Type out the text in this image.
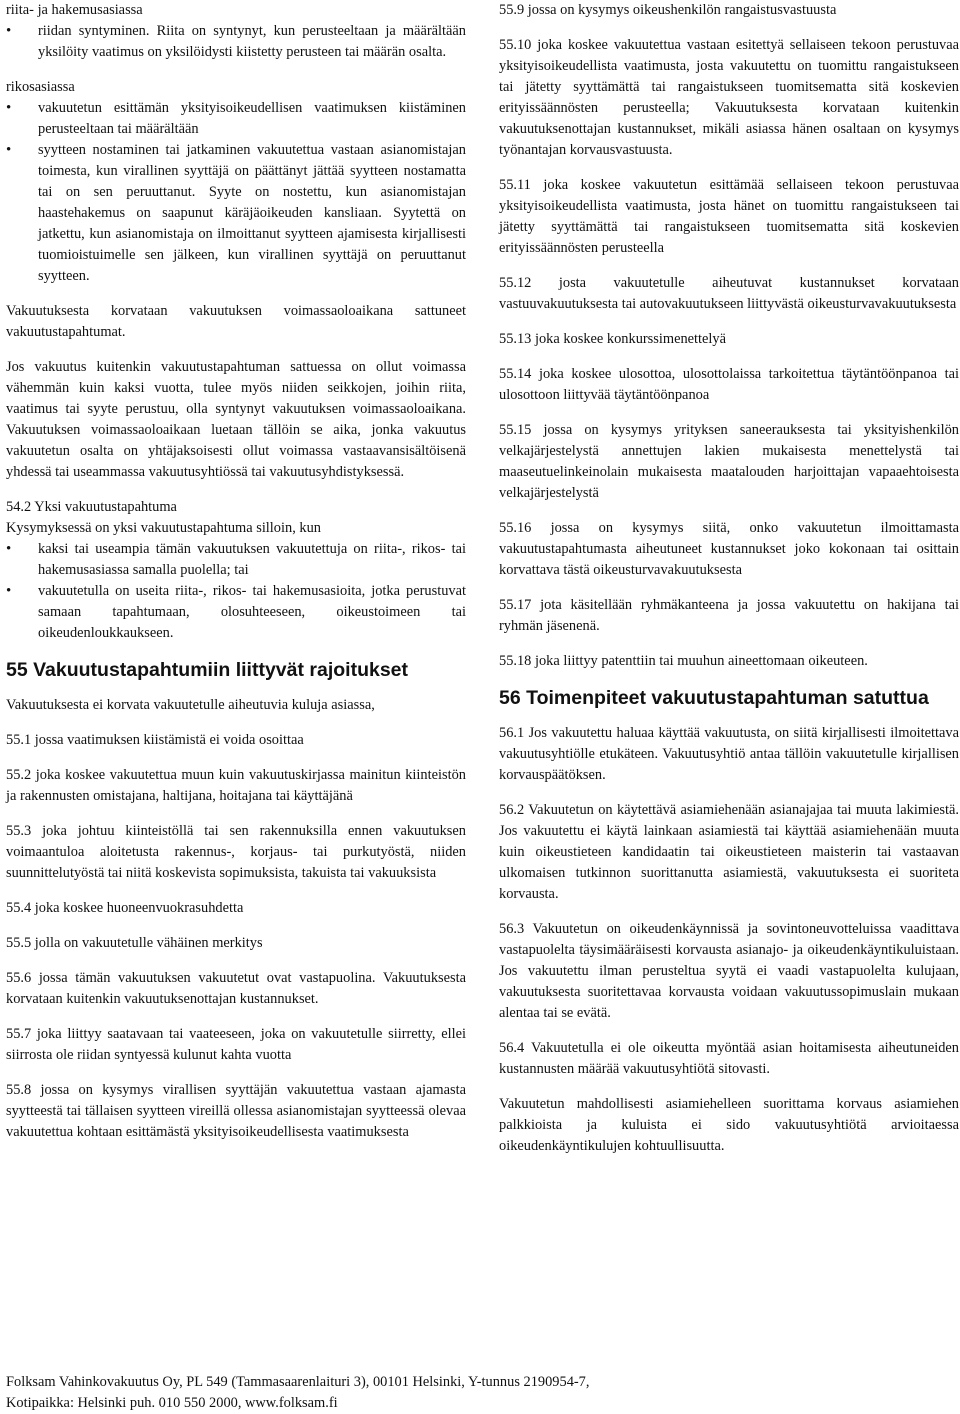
riita- ja hakemusasiassa

• riidan syntyminen. Riita on syntynyt, kun perusteeltaan ja määrältään yksilöity vaatimus on yksilöidysti kiistetty perusteen tai määrän osalta.

rikosasiassa

• vakuutetun esittämän yksityisoikeudellisen vaatimuksen kiistäminen perusteeltaan tai määrältään
• syytteen nostaminen tai jatkaminen vakuutettua vastaan asianomistajan toimesta, kun virallinen syyttäjä on päättänyt jättää syytteen nostamatta tai on sen peruuttanut. Syyte on nostettu, kun asianomistajan haastehakemus on saapunut käräjäoikeuden kansliaan. Syytettä on jatkettu, kun asianomistaja on ilmoittanut syytteen ajamisesta kirjallisesti tuomioistuimelle sen jälkeen, kun virallinen syyttäjä on peruuttanut syytteen.

Vakuutuksesta korvataan vakuutuksen voimassaoloaikana sattuneet vakuutustapahtumat.

Jos vakuutus kuitenkin vakuutustapahtuman sattuessa on ollut voimassa vähemmän kuin kaksi vuotta, tulee myös niiden seikkojen, joihin riita, vaatimus tai syyte perustuu, olla syntynyt vakuutuksen voimassaoloaikana. Vakuutuksen voimassaoloaikaan luetaan tällöin se aika, jonka vakuutus vakuutetun osalta on yhtäjaksoisesti ollut voimassa vastaavansisältöisenä yhdessä tai useammassa vakuutusyhtiössä tai vakuutusyhdistyksessä.

54.2 Yksi vakuutustapahtuma

Kysymyksessä on yksi vakuutustapahtuma silloin, kun

• kaksi tai useampia tämän vakuutuksen vakuutettuja on riita-, rikos- tai hakemusasiassa samalla puolella; tai
• vakuutetulla on useita riita-, rikos- tai hakemusasioita, jotka perustuvat samaan tapahtumaan, olosuhteeseen, oikeustoimeen tai oikeudenloukkaukseen.
55 Vakuutustapahtumiin liittyvät rajoitukset

Vakuutuksesta ei korvata vakuutetulle aiheutuvia kuluja asiassa,

55.1 jossa vaatimuksen kiistämistä ei voida osoittaa

55.2 joka koskee vakuutettua muun kuin vakuutuskirjassa mainitun kiinteistön ja rakennusten omistajana, haltijana, hoitajana tai käyttäjänä

55.3 joka johtuu kiinteistöllä tai sen rakennuksilla ennen vakuutuksen voimaantuloa aloitetusta rakennus-, korjaus- tai purkutyöstä, niiden suunnittelutyöstä tai niitä koskevista sopimuksista, takuista tai vakuuksista

55.4 joka koskee huoneenvuokrasuhdetta

55.5 jolla on vakuutetulle vähäinen merkitys

55.6 jossa tämän vakuutuksen vakuutetut ovat vastapuolina. Vakuutuksesta korvataan kuitenkin vakuutuksenottajan kustannukset.

55.7 joka liittyy saatavaan tai vaateeseen, joka on vakuutetulle siirretty, ellei siirrosta ole riidan syntyessä kulunut kahta vuotta

55.8 jossa on kysymys virallisen syyttäjän vakuutettua vastaan ajamasta syytteestä tai tällaisen syytteen vireillä ollessa asianomistajan syytteessä olevaa vakuutettua kohtaan esittämästä yksityisoikeudellisesta vaatimuksesta

55.9 jossa on kysymys oikeushenkilön rangaistusvastuusta

55.10 joka koskee vakuutettua vastaan esitettyä sellaiseen tekoon perustuvaa yksityisoikeudellista vaatimusta, josta vakuutettu on tuomittu rangaistukseen tai jätetty syyttämättä tai rangaistukseen tuomitsematta sitä koskevien erityissäännösten perusteella; Vakuutuksesta korvataan kuitenkin vakuutuksenottajan kustannukset, mikäli asiassa hänen osaltaan on kysymys työnantajan korvausvastuusta.

55.11 joka koskee vakuutetun esittämää sellaiseen tekoon perustuvaa yksityisoikeudellista vaatimusta, josta hänet on tuomittu rangaistukseen tai jätetty syyttämättä tai rangaistukseen tuomitsematta sitä koskevien erityissäännösten perusteella

55.12 josta vakuutetulle aiheutuvat kustannukset korvataan vastuuvakuutuksesta tai autovakuutukseen liittyvästä oikeusturvavakuutuksesta

55.13 joka koskee konkurssimenettelyä

55.14 joka koskee ulosottoa, ulosottolaissa tarkoitettua täytäntöönpanoa tai ulosottoon liittyvää täytäntöönpanoa

55.15 jossa on kysymys yrityksen saneerauksesta tai yksityishenkilön velkajärjestelystä annettujen lakien mukaisesta menettelystä tai maaseutuelinkeinolain mukaisesta maatalouden harjoittajan vapaaehtoisesta velkajärjestelystä

55.16 jossa on kysymys siitä, onko vakuutetun ilmoittamasta vakuutustapahtumasta aiheutuneet kustannukset joko kokonaan tai osittain korvattava tästä oikeusturvavakuutuksesta

55.17 jota käsitellään ryhmäkanteena ja jossa vakuutettu on hakijana tai ryhmän jäsenenä.

55.18 joka liittyy patenttiin tai muuhun aineettomaan oikeuteen.

56 Toimenpiteet vakuutustapahtuman satuttua

56.1 Jos vakuutettu haluaa käyttää vakuutusta, on siitä kirjallisesti ilmoitettava vakuutusyhtiölle etukäteen. Vakuutusyhtiö antaa tällöin vakuutetulle kirjallisen korvauspäätöksen.

56.2 Vakuutetun on käytettävä asiamiehenään asianajajaa tai muuta lakimiestä. Jos vakuutettu ei käytä lainkaan asiamiestä tai käyttää asiamiehenään muuta kuin oikeustieteen kandidaatin tai oikeustieteen maisterin tai vastaavan ulkomaisen tutkinnon suorittanutta asiamiestä, vakuutuksesta ei suoriteta korvausta.

56.3 Vakuutetun on oikeudenkäynnissä ja sovintoneuvotteluissa vaadittava vastapuolelta täysimääräisesti korvausta asianajo- ja oikeudenkäyntikuluistaan. Jos vakuutettu ilman perusteltua syytä ei vaadi vastapuolelta kulujaan, vakuutuksesta suoritettavaa korvausta voidaan vakuutussopimuslain mukaan alentaa tai se evätä.

56.4 Vakuutetulla ei ole oikeutta myöntää asian hoitamisesta aiheutuneiden kustannusten määrää vakuutusyhtiötä sitovasti.

Vakuutetun mahdollisesti asiamiehelleen suorittama korvaus asiamiehen palkkioista ja kuluista ei sido vakuutusyhtiötä arvioitaessa oikeudenkäyntikulujen kohtuullisuutta.

Folksam Vahinkovakuutus Oy, PL 549 (Tammasaarenlaituri 3), 00101 Helsinki, Y-tunnus 2190954-7,
Kotipaikka: Helsinki puh. 010 550 2000, www.folksam.fi
